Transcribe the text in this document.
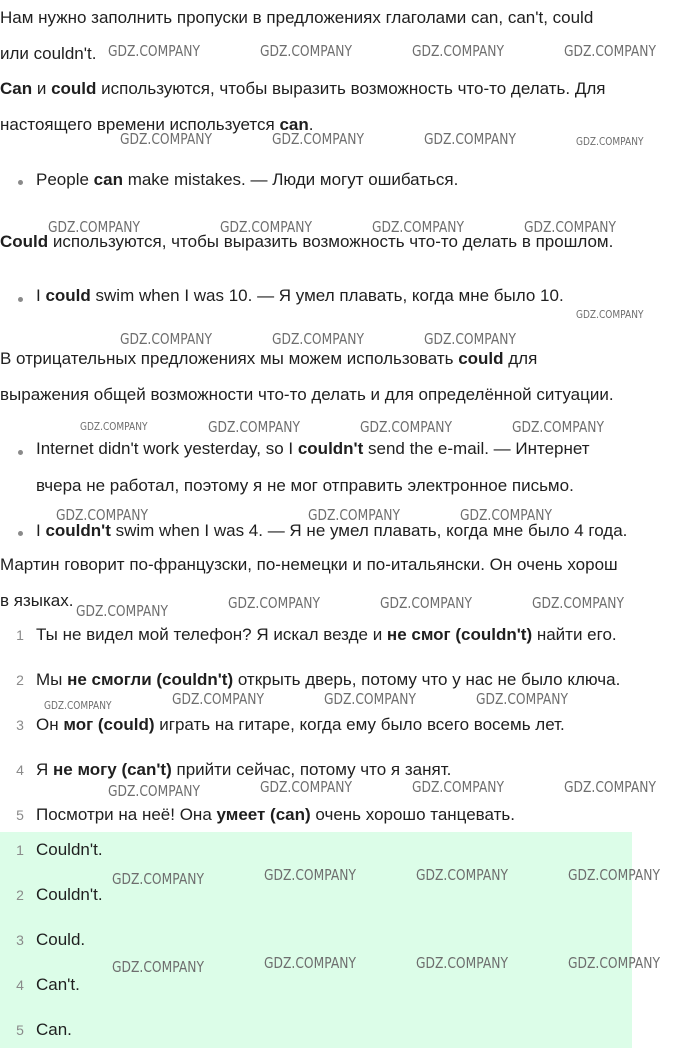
Нам нужно заполнить пропуски в предложениях глаголами can, can't, could
или couldn't.

Can и could используются, чтобы выразить возможность что-то делать. Для
настоящего времени используется can.

People can make mistakes. — Люди могут ошибаться.

Could используются, чтобы выразить возможность что-то делать в прошлом.

I could swim when I was 10. — Я умел плавать, когда мне было 10.

В отрицательных предложениях мы можем использовать could для
выражения общей возможности что-то делать и для определённой ситуации.

Internet didn't work yesterday, so I couldn't send the e-mail. — Интернет
вчера не работал, поэтому я не мог отправить электронное письмо.

I couldn't swim when I was 4. — Я не умел плавать, когда мне было 4 года.

Мартин говорит по-французски, по-немецки и по-итальянски. Он очень хорош
в языках.

1 Ты не видел мой телефон? Я искал везде и не смог (couldn't) найти его.

2 Мы не смогли (couldn't) открыть дверь, потому что у нас не было ключа.

3 Он мог (could) играть на гитаре, когда ему было всего восемь лет.

4 Я не могу (can't) прийти сейчас, потому что я занят.

5 Посмотри на неё! Она умеет (can) очень хорошо танцевать.

1 Couldn't.

2 Couldn't.

3 Could.

4 Can't.

5 Can.

GDZ.COMPANY	GDZ.COMPANY	GDZ.COMPANY	GDZ.COMPANY
GDZ.COMPANY	GDZ.COMPANY	GDZ.COMPANY	GDZ.COMPANY
GDZ.COMPANY	GDZ.COMPANY	GDZ.COMPANY	GDZ.COMPANY
GDZ.COMPANY
GDZ.COMPANY	GDZ.COMPANY	GDZ.COMPANY
GDZ.COMPANY	GDZ.COMPANY	GDZ.COMPANY	GDZ.COMPANY
GDZ.COMPANY	GDZ.COMPANY	GDZ.COMPANY
GDZ.COMPANY	GDZ.COMPANY	GDZ.COMPANY	GDZ.COMPANY
GDZ.COMPANY
GDZ.COMPANY	GDZ.COMPANY	GDZ.COMPANY
GDZ.COMPANY	GDZ.COMPANY	GDZ.COMPANY	GDZ.COMPANY
GDZ.COMPANY	GDZ.COMPANY	GDZ.COMPANY	GDZ.COMPANY
GDZ.COMPANY	GDZ.COMPANY	GDZ.COMPANY	GDZ.COMPANY
